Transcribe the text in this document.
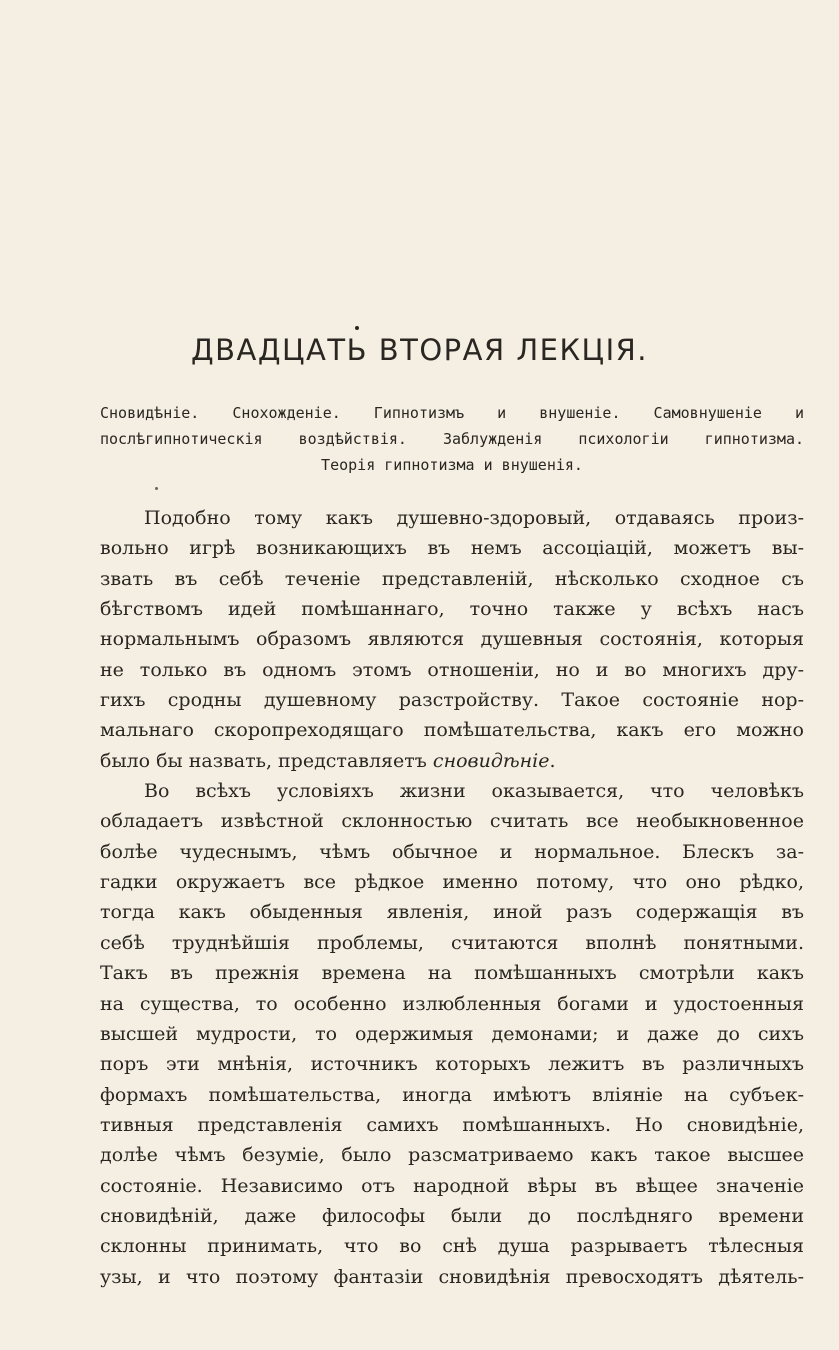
ДВАДЦАТЬ ВТОРАЯ ЛЕКЦІЯ.
Сновидѣніе. Снохожденіе. Гипнотизмъ и внушеніе. Самовнушеніе и
послѣгипнотическія воздѣйствія. Заблужденія психологіи гипнотизма.
Теорія гипнотизма и внушенія.
Подобно тому какъ душевно-здоровый, отдаваясь произ-
вольно игрѣ возникающихъ въ немъ ассоціацій, можетъ вы-
звать въ себѣ теченіе представленій, нѣсколько сходное съ
бѣгствомъ идей помѣшаннаго, точно также у всѣхъ насъ
нормальнымъ образомъ являются душевныя состоянія, которыя
не только въ одномъ этомъ отношеніи, но и во многихъ дру-
гихъ сродны душевному разстройству. Такое состояніе нор-
мальнаго скоропреходящаго помѣшательства, какъ его можно
было бы назвать, представляетъ сновидѣніе.
Во всѣхъ условіяхъ жизни оказывается, что человѣкъ
обладаетъ извѣстной склонностью считать все необыкновенное
болѣе чудеснымъ, чѣмъ обычное и нормальное. Блескъ за-
гадки окружаетъ все рѣдкое именно потому, что оно рѣдко,
тогда какъ обыденныя явленія, иной разъ содержащія въ
себѣ труднѣйшія проблемы, считаются вполнѣ понятными.
Такъ въ прежнія времена на помѣшанныхъ смотрѣли какъ
на существа, то особенно излюбленныя богами и удостоенныя
высшей мудрости, то одержимыя демонами; и даже до сихъ
поръ эти мнѣнія, источникъ которыхъ лежитъ въ различныхъ
формахъ помѣшательства, иногда имѣютъ вліяніе на субъек-
тивныя представленія самихъ помѣшанныхъ. Но сновидѣніе,
долѣе чѣмъ безуміе, было разсматриваемо какъ такое высшее
состояніе. Независимо отъ народной вѣры въ вѣщее значеніе
сновидѣній, даже философы были до послѣдняго времени
склонны принимать, что во снѣ душа разрываетъ тѣлесныя
узы, и что поэтому фантазіи сновидѣнія превосходятъ дѣятель-
